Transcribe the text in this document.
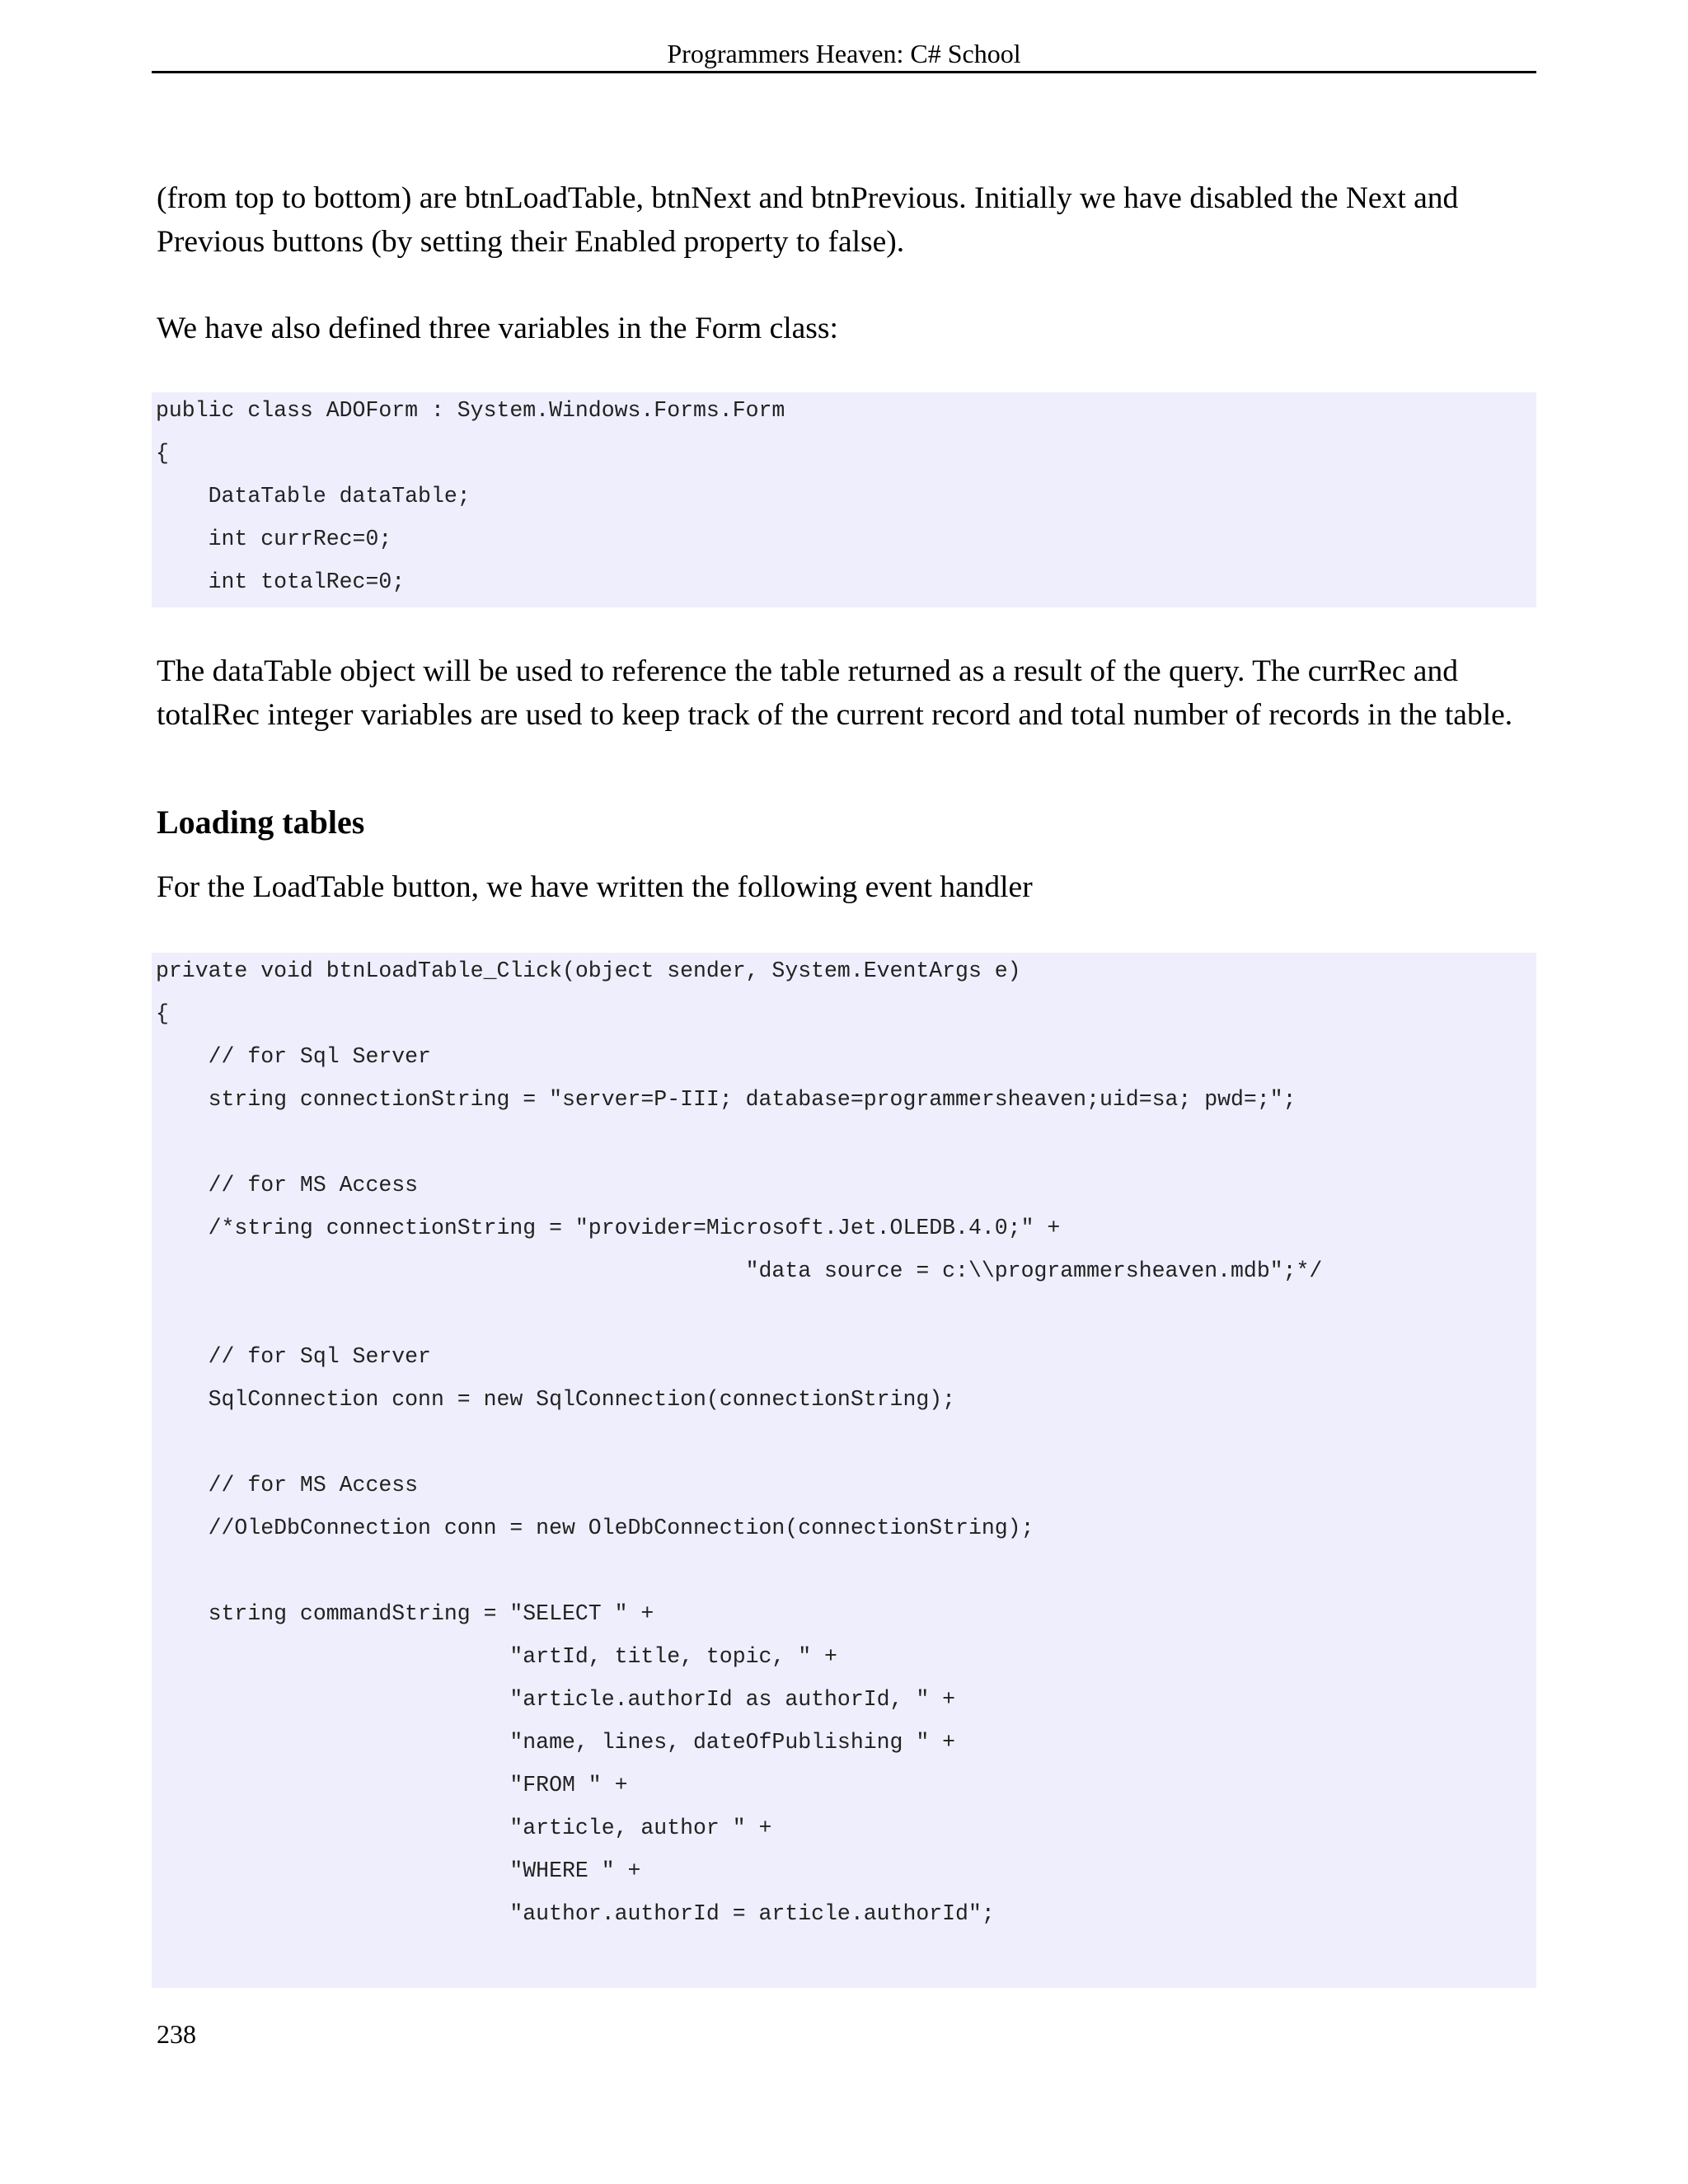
Programmers Heaven: C# School

(from top to bottom) are btnLoadTable, btnNext and btnPrevious. Initially we have disabled the Next and Previous buttons (by setting their Enabled property to false).

We have also defined three variables in the Form class:

public class ADOForm : System.Windows.Forms.Form
{
DataTable dataTable;
int currRec=0;
int totalRec=0;

The dataTable object will be used to reference the table returned as a result of the query. The currRec and totalRec integer variables are used to keep track of the current record and total number of records in the table.

Loading tables

For the LoadTable button, we have written the following event handler

private void btnLoadTable_Click(object sender, System.EventArgs e)
{
// for Sql Server
string connectionString = "server=P-III; database=programmersheaven;uid=sa; pwd=;";
// for MS Access
/*string connectionString = "provider=Microsoft.Jet.OLEDB.4.0;" +
"data source = c:\\programmersheaven.mdb";*/
// for Sql Server
SqlConnection conn = new SqlConnection(connectionString);
// for MS Access
//OleDbConnection conn = new OleDbConnection(connectionString);
string commandString = "SELECT " +
"artId, title, topic, " +
"article.authorId as authorId, " +
"name, lines, dateOfPublishing " +
"FROM " +
"article, author " +
"WHERE " +
"author.authorId = article.authorId";
238
